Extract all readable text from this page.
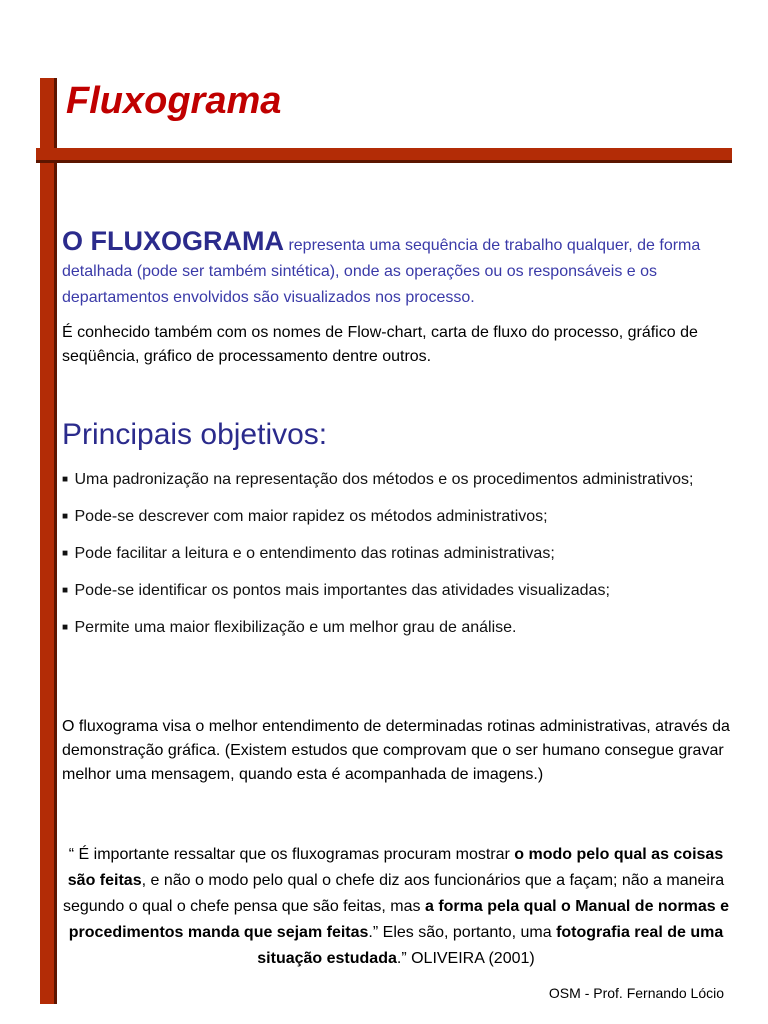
Fluxograma

O FLUXOGRAMA representa uma sequência de trabalho qualquer, de forma detalhada (pode ser também sintética), onde as operações ou os responsáveis e os departamentos envolvidos são visualizados nos processo.

É conhecido também com os nomes de Flow-chart, carta de fluxo do processo, gráfico de seqüência, gráfico de processamento dentre outros.

Principais objetivos:
■ Uma padronização na representação dos métodos e os procedimentos administrativos;
■ Pode-se descrever com maior rapidez os métodos administrativos;
■ Pode facilitar a leitura e o entendimento das rotinas administrativas;
■ Pode-se identificar os pontos mais importantes das atividades visualizadas;
■ Permite uma maior flexibilização e um melhor grau de análise.

O fluxograma visa o melhor entendimento de determinadas rotinas administrativas, através da demonstração gráfica. (Existem estudos que comprovam que o ser humano consegue gravar melhor uma mensagem, quando esta é acompanhada de imagens.)

“ É importante ressaltar que os fluxogramas procuram mostrar o modo pelo qual as coisas são feitas, e não o modo pelo qual o chefe diz aos funcionários que a façam; não a maneira segundo o qual o chefe pensa que são feitas, mas a forma pela qual o Manual de normas e procedimentos manda que sejam feitas.” Eles são, portanto, uma fotografia real de uma situação estudada.” OLIVEIRA (2001)

OSM - Prof. Fernando Lócio
